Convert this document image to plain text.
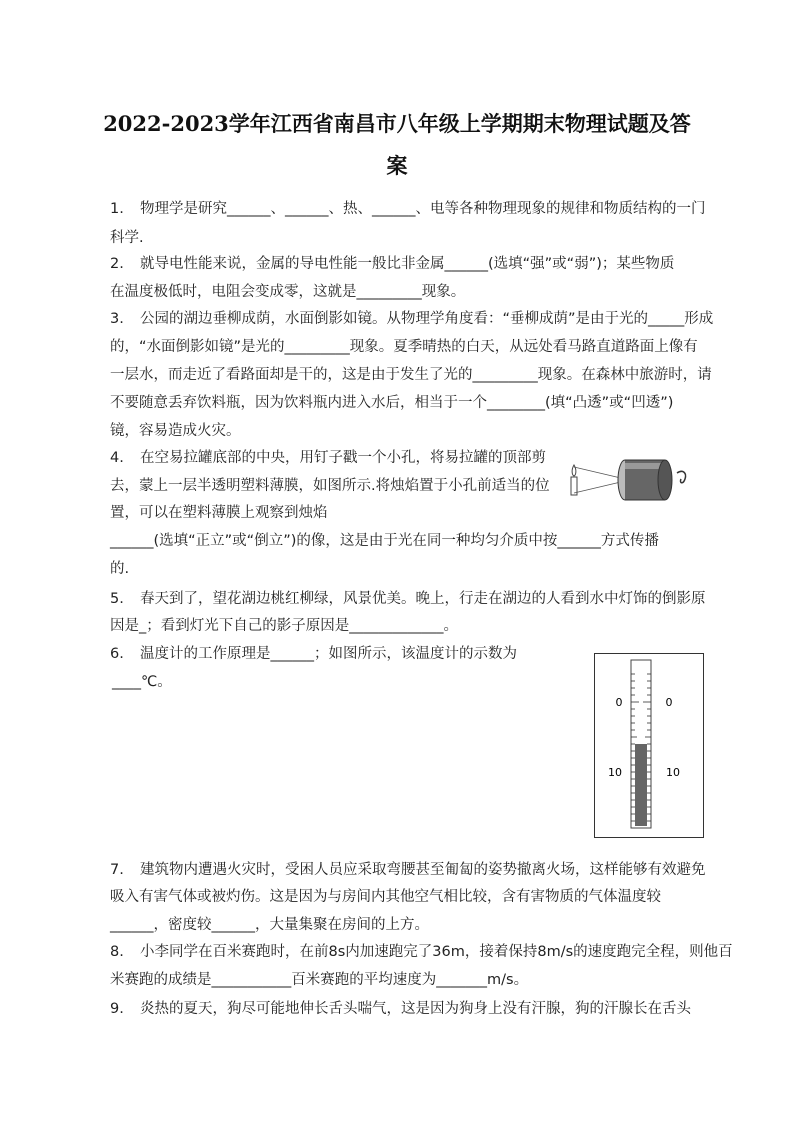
2022-2023学年江西省南昌市八年级上学期期末物理试题及答
案
1. 物理学是研究______、______、热、______、电等各种物理现象的规律和物质结构的一门
科学.
2. 就导电性能来说，金属的导电性能一般比非金属______(选填“强”或“弱”)；某些物质
在温度极低时，电阻会变成零，这就是_________现象。
3. 公园的湖边垂柳成荫，水面倒影如镜。从物理学角度看：“垂柳成荫”是由于光的_____形成
的，“水面倒影如镜”是光的_________现象。夏季晴热的白天，从远处看马路直道路面上像有
一层水，而走近了看路面却是干的，这是由于发生了光的_________现象。在森林中旅游时，请
不要随意丢弃饮料瓶，因为饮料瓶内进入水后，相当于一个________(填“凸透”或“凹透”)
镜，容易造成火灾。
4. 在空易拉罐底部的中央，用钉子戳一个小孔，将易拉罐的顶部剪
去，蒙上一层半透明塑料薄膜，如图所示.将烛焰置于小孔前适当的位
置，可以在塑料薄膜上观察到烛焰
______(选填“正立”或“倒立”)的像，这是由于光在同一种均匀介质中按______方式传播
的.
5. 春天到了，望花湖边桃红柳绿，风景优美。晚上，行走在湖边的人看到水中灯饰的倒影原
因是_；看到灯光下自己的影子原因是_____________。
6. 温度计的工作原理是______；如图所示，该温度计的示数为
____℃。
0	0
10	10
7. 建筑物内遭遇火灾时，受困人员应采取弯腰甚至匍匐的姿势撤离火场，这样能够有效避免
吸入有害气体或被灼伤。这是因为与房间内其他空气相比较，含有害物质的气体温度较
______，密度较______，大量集聚在房间的上方。
8. 小李同学在百米赛跑时，在前8s内加速跑完了36m，接着保持8m/s的速度跑完全程，则他百
米赛跑的成绩是___________百米赛跑的平均速度为_______m/s。
9. 炎热的夏天，狗尽可能地伸长舌头喘气，这是因为狗身上没有汗腺，狗的汗腺长在舌头
